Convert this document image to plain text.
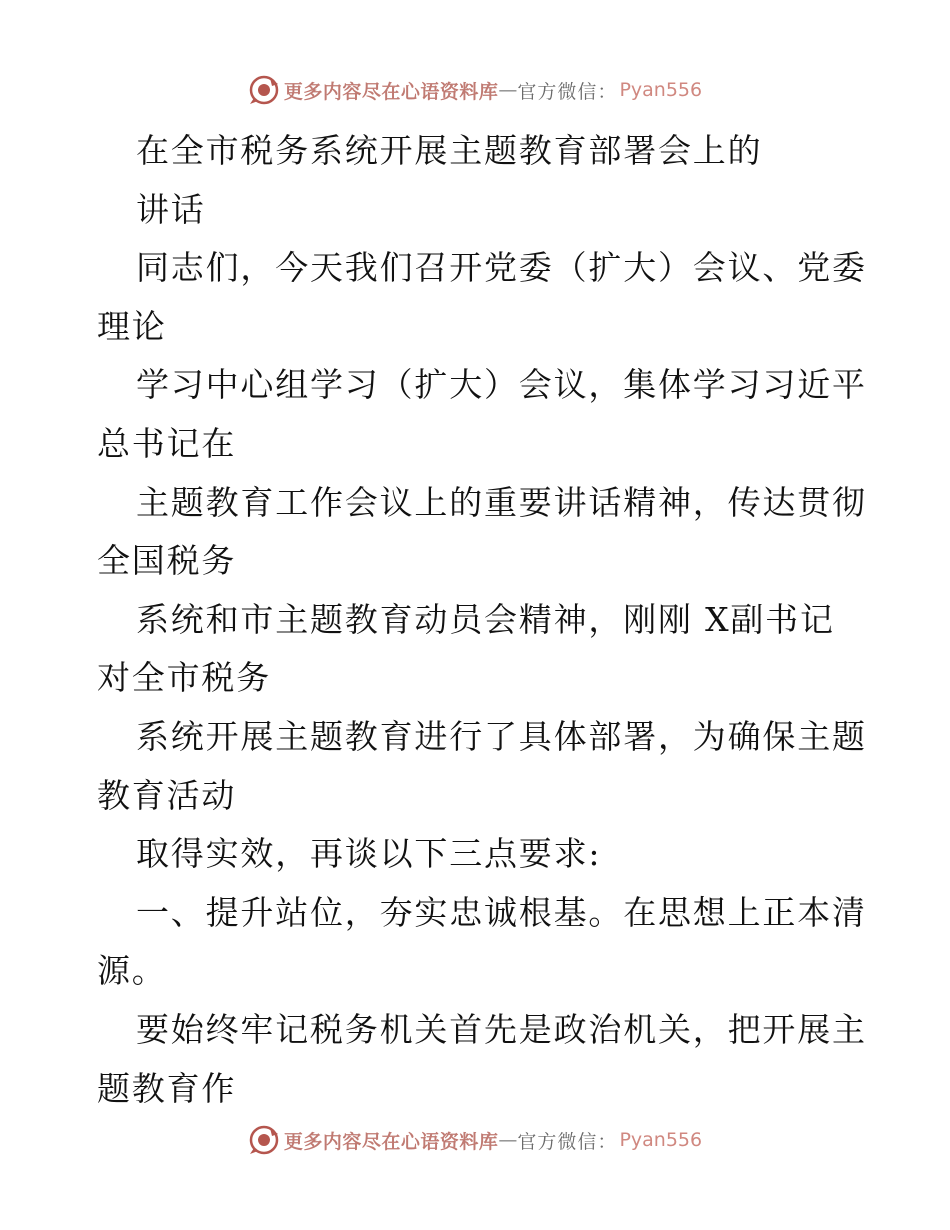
更多内容尽在心语资料库 — 官方微信： Pyan556
在全市税务系统开展主题教育部署会上的
讲话
同志们，今天我们召开党委（扩大）会议、党委
理论
学习中心组学习（扩大）会议，集体学习习近平
总书记在
主题教育工作会议上的重要讲话精神，传达贯彻
全国税务
系统和市主题教育动员会精神，刚刚 X副书记
对全市税务
系统开展主题教育进行了具体部署，为确保主题
教育活动
取得实效，再谈以下三点要求:
一、提升站位，夯实忠诚根基。在思想上正本清
源。
要始终牢记税务机关首先是政治机关，把开展主
题教育作
更多内容尽在心语资料库 — 官方微信： Pyan556
